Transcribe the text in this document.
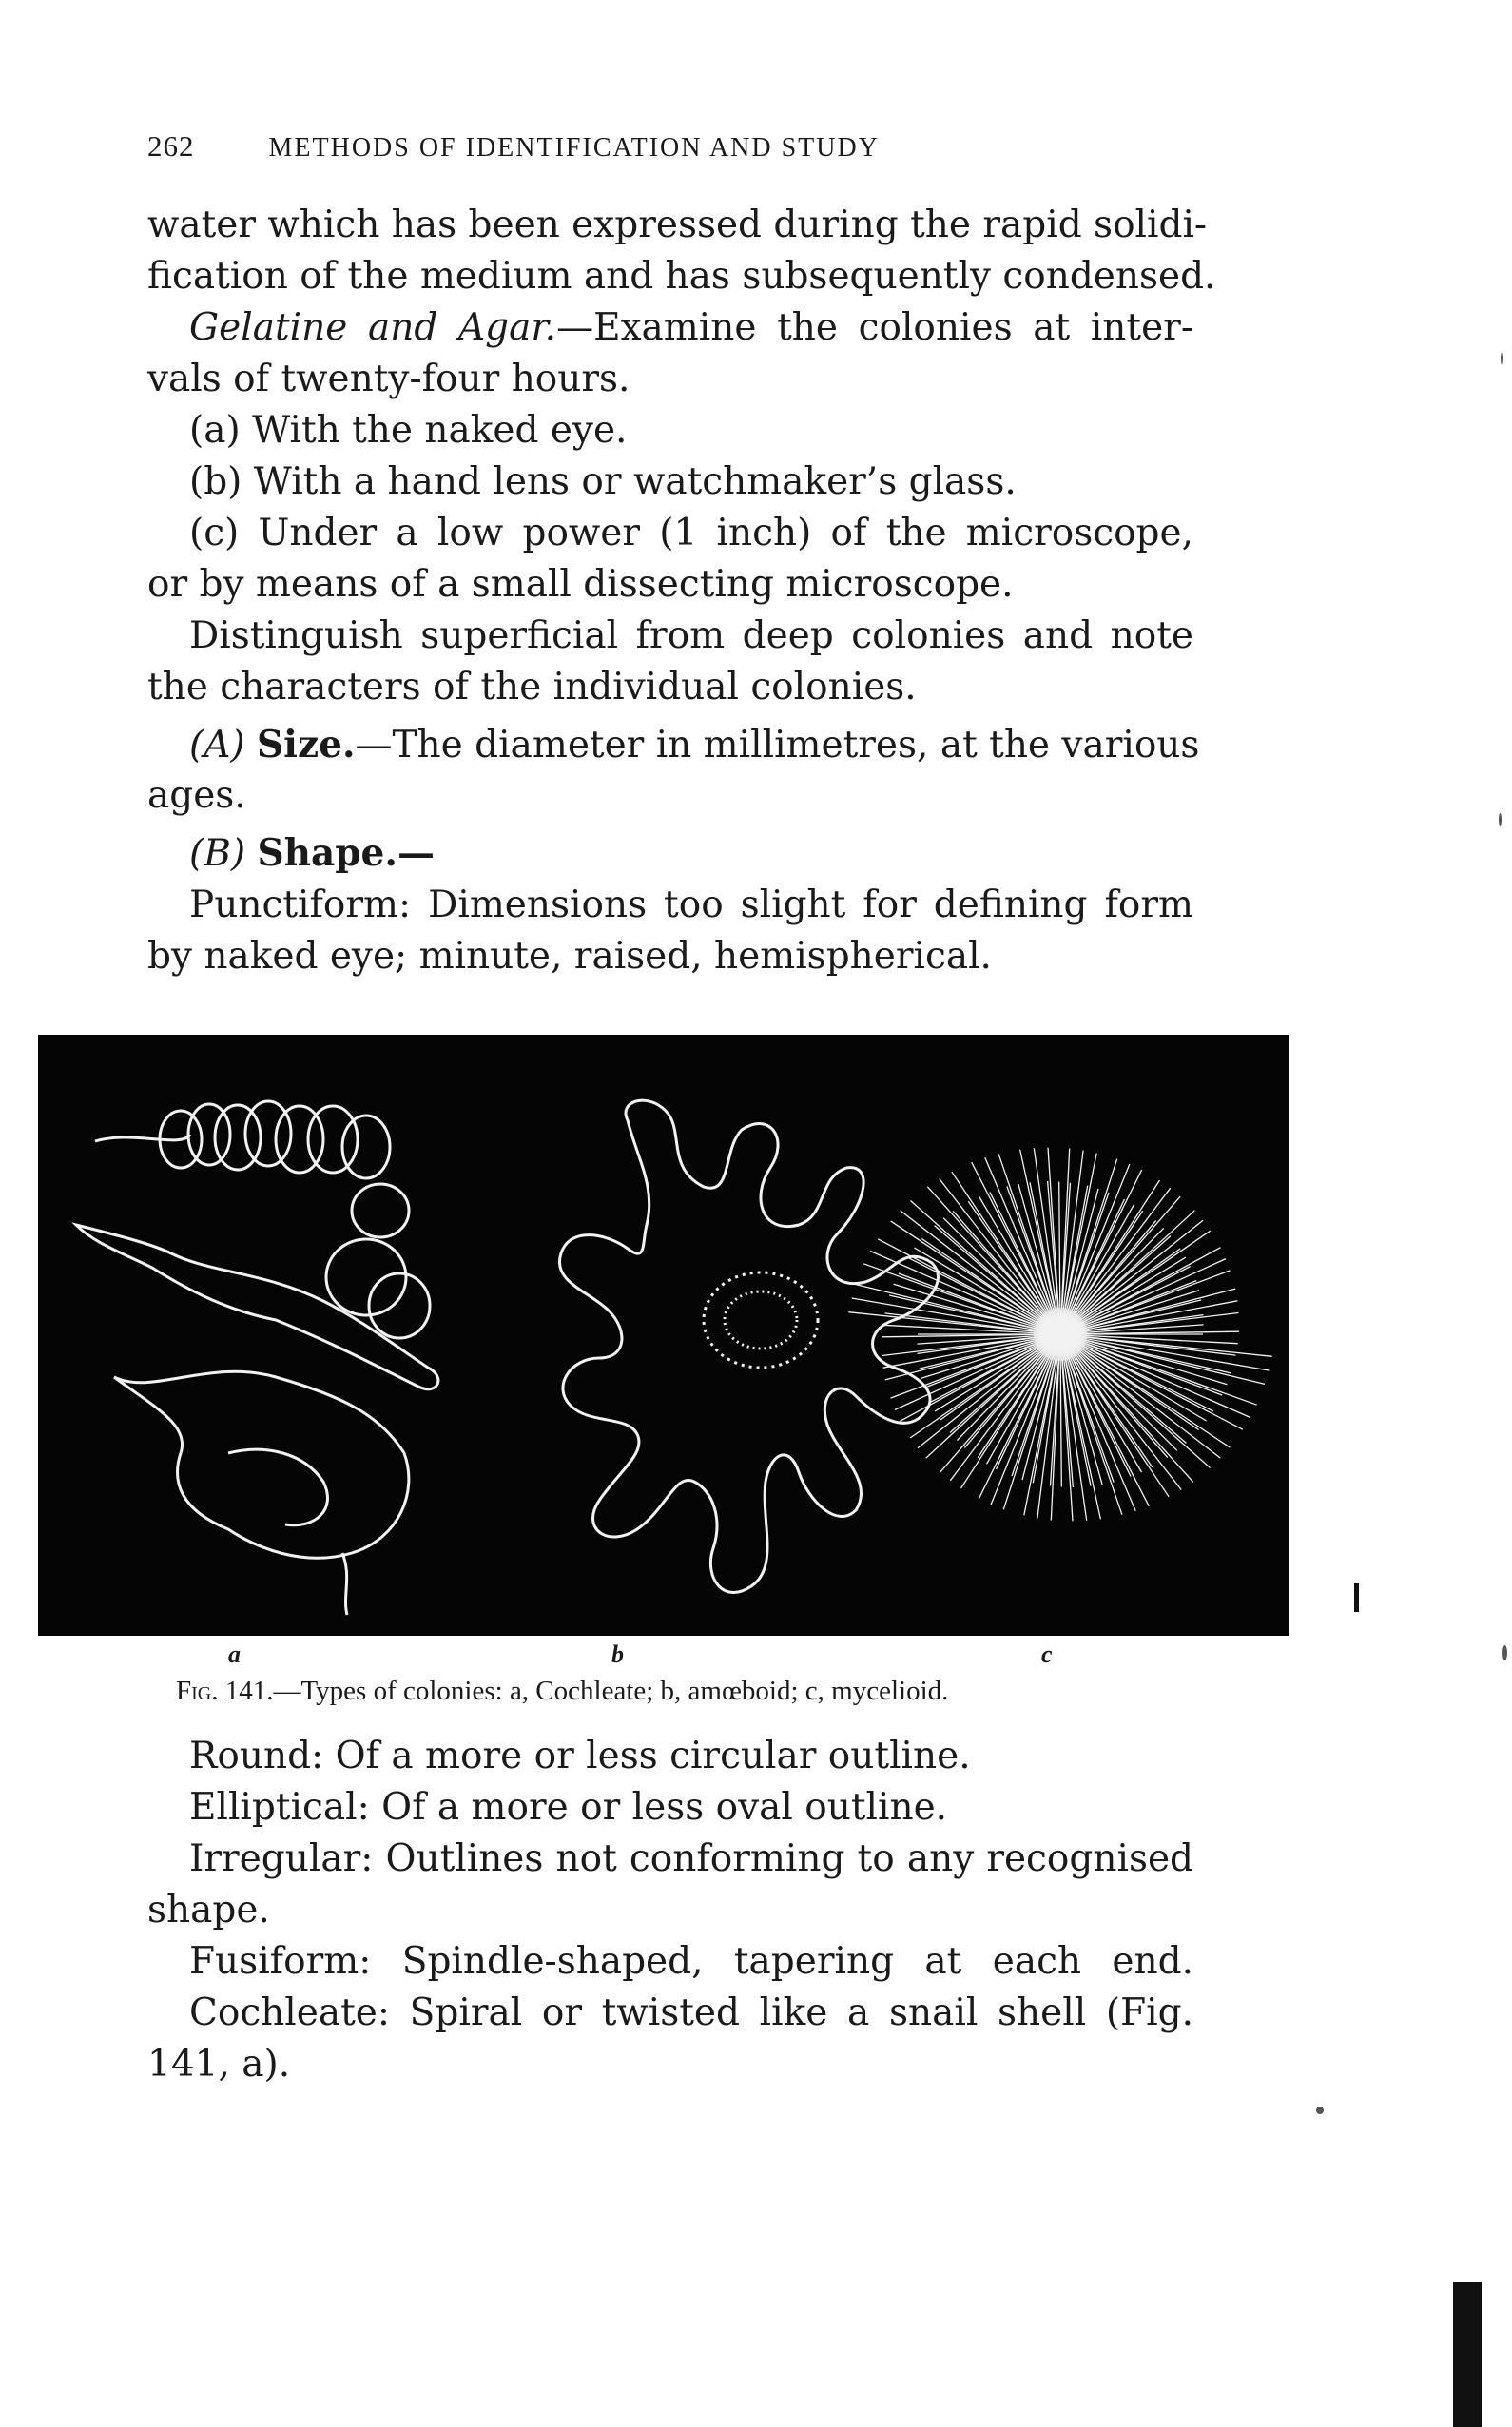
262	METHODS OF IDENTIFICATION AND STUDY
water which has been expressed during the rapid solidi-
fication of the medium and has subsequently condensed.
Gelatine and Agar.—Examine the colonies at inter-
vals of twenty-four hours.
(a) With the naked eye.
(b) With a hand lens or watchmaker’s glass.
(c) Under a low power (1 inch) of the microscope,
or by means of a small dissecting microscope.
Distinguish superficial from deep colonies and note
the characters of the individual colonies.
(A) Size.—The diameter in millimetres, at the various
ages.
(B) Shape.—
Punctiform: Dimensions too slight for defining form
by naked eye; minute, raised, hemispherical.
a	b	c
Fig. 141.—Types of colonies: a, Cochleate; b, amœboid; c, mycelioid.
Round: Of a more or less circular outline.
Elliptical: Of a more or less oval outline.
Irregular: Outlines not conforming to any recognised
shape.
Fusiform: Spindle-shaped, tapering at each end.
Cochleate: Spiral or twisted like a snail shell (Fig.
141, a).
